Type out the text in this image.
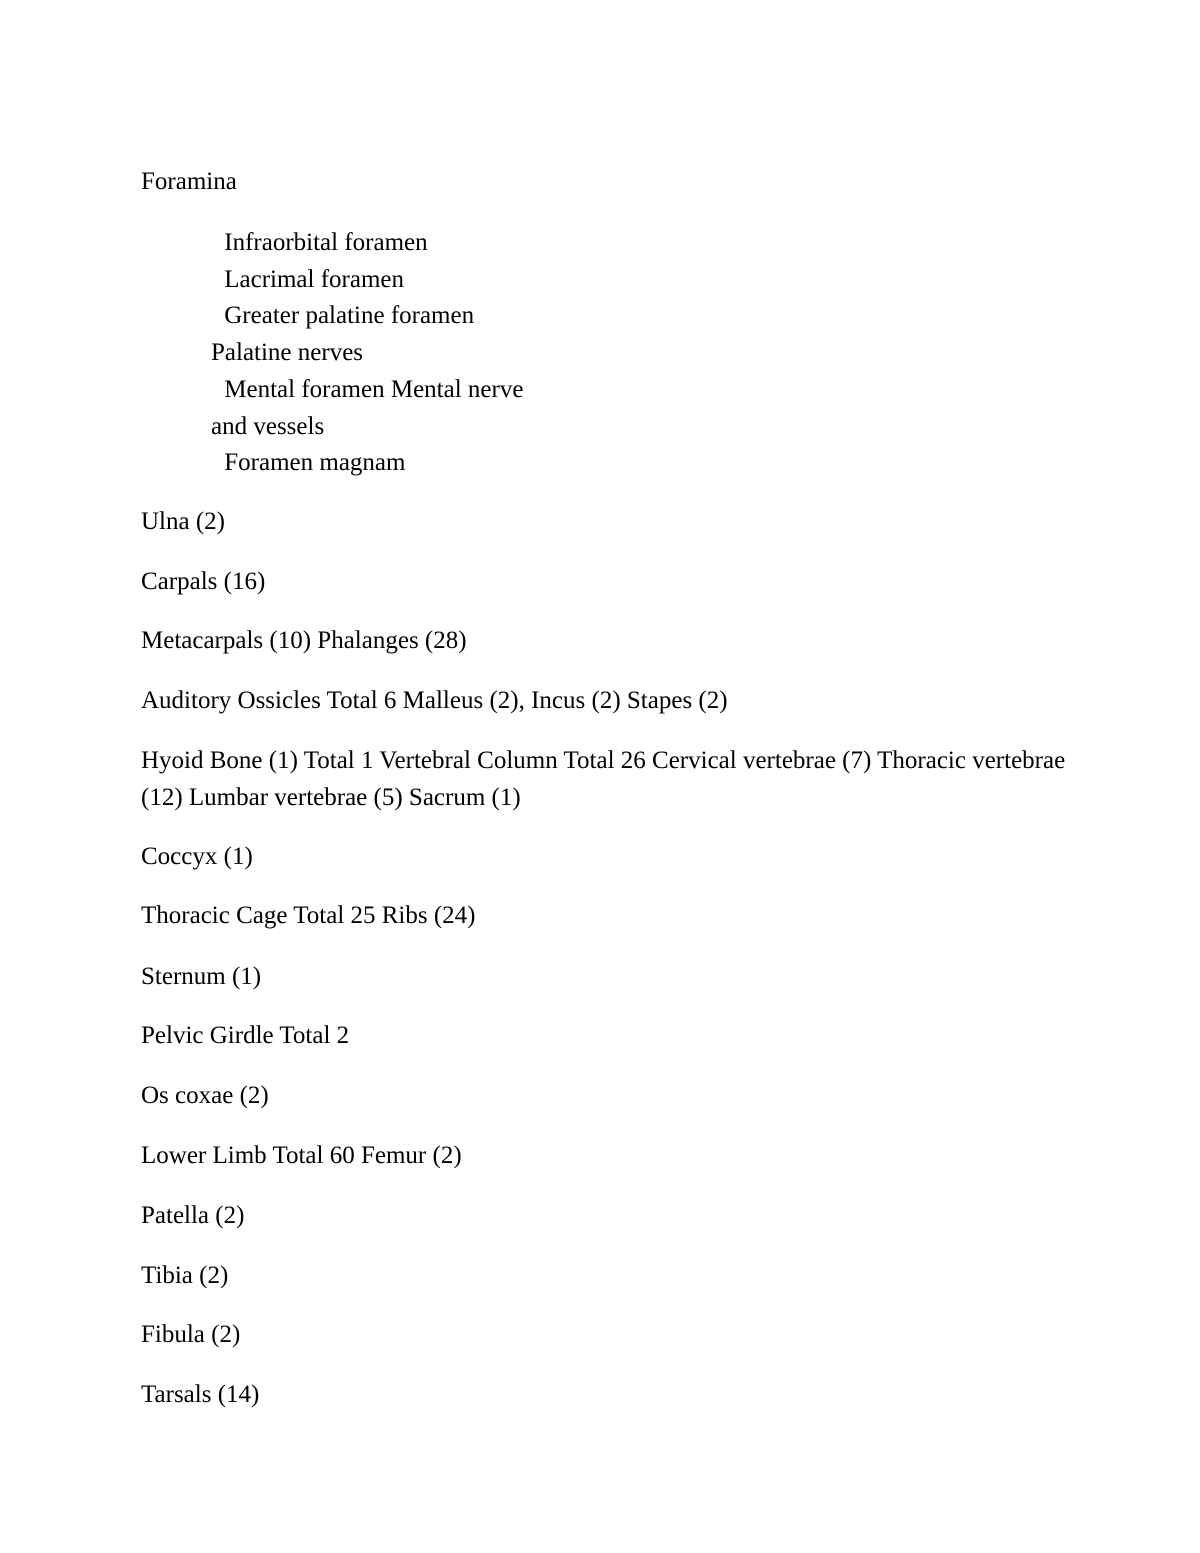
Foramina
Infraorbital foramen
Lacrimal foramen
Greater palatine foramen
Palatine nerves
Mental foramen Mental nerve
and vessels
Foramen magnam

Ulna (2)

Carpals (16)

Metacarpals (10) Phalanges (28)

Auditory Ossicles Total 6 Malleus (2), Incus (2) Stapes (2)

Hyoid Bone (1) Total 1 Vertebral Column Total 26 Cervical vertebrae (7) Thoracic vertebrae (12) Lumbar vertebrae (5) Sacrum (1)

Coccyx (1)

Thoracic Cage Total 25 Ribs (24)

Sternum (1)

Pelvic Girdle Total 2

Os coxae (2)

Lower Limb Total 60 Femur (2)

Patella (2)

Tibia (2)

Fibula (2)

Tarsals (14)
